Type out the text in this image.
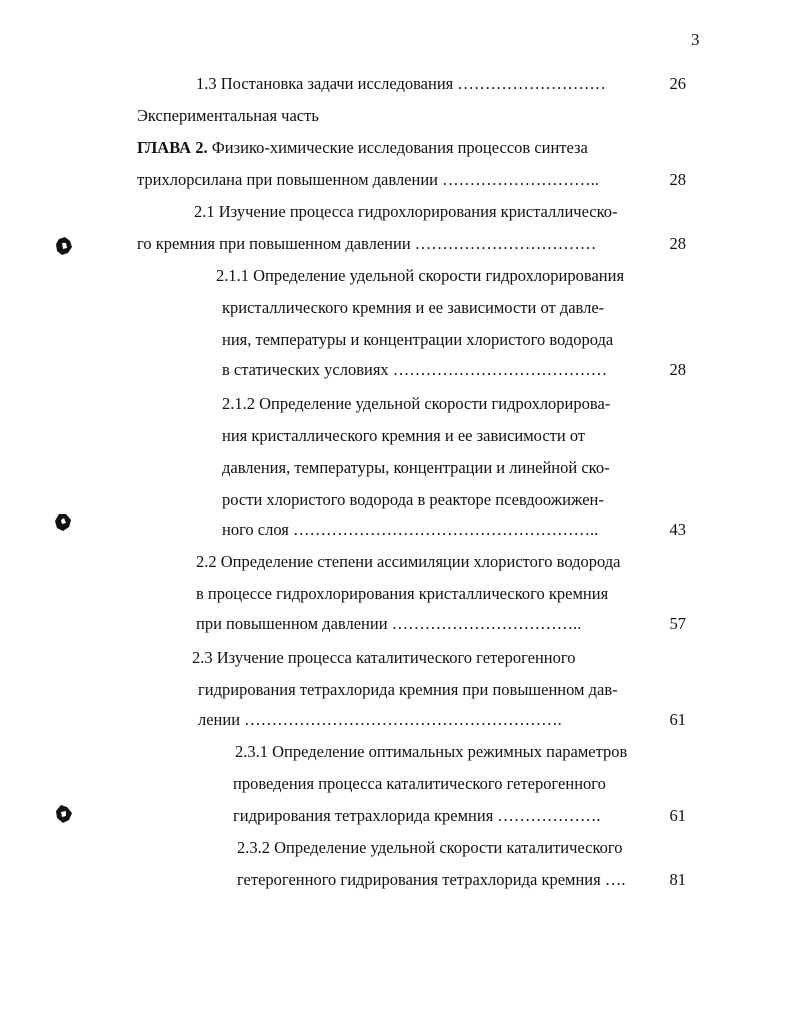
3
1.3 Постановка задачи исследования ………………………	26
Экспериментальная часть
ГЛАВА 2. Физико-химические исследования процессов синтеза
трихлорсилана при повышенном давлении ………………………..	28
2.1 Изучение процесса гидрохлорирования кристаллическо-
го кремния при повышенном давлении ……………………………	28
2.1.1 Определение удельной скорости гидрохлорирования
кристаллического кремния и ее зависимости от давле-
ния, температуры и концентрации хлористого водорода
в статических условиях …………………………………	28
2.1.2 Определение удельной скорости гидрохлорирова-
ния кристаллического кремния и ее зависимости от
давления, температуры, концентрации и линейной ско-
рости хлористого водорода в реакторе псевдоожижен-
ного слоя ………………………………………………..	43
2.2 Определение степени ассимиляции хлористого водорода
в процессе гидрохлорирования кристаллического кремния
при повышенном давлении ……………………………..	57
2.3 Изучение процесса каталитического гетерогенного
гидрирования тетрахлорида кремния при повышенном дав-
лении ………………………………………………….	61
2.3.1 Определение оптимальных режимных параметров
проведения процесса каталитического гетерогенного
гидрирования тетрахлорида кремния ……………….	61
2.3.2 Определение удельной скорости каталитического
гетерогенного гидрирования тетрахлорида кремния ….	81
